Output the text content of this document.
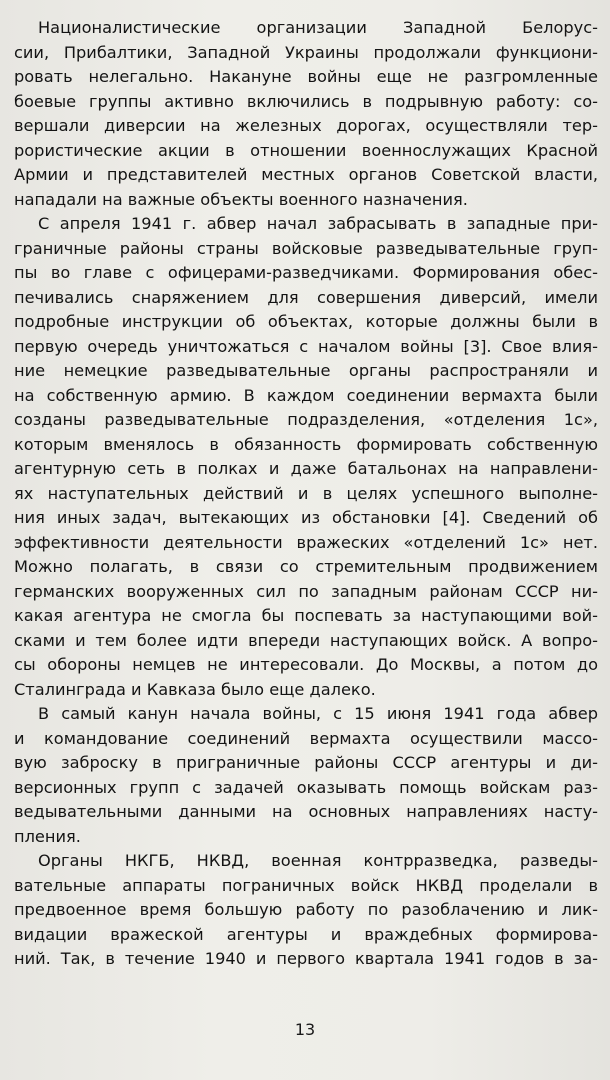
Националистические организации Западной Белорус-
сии, Прибалтики, Западной Украины продолжали функциони-
ровать нелегально. Накануне войны еще не разгромленные
боевые группы активно включились в подрывную работу: со-
вершали диверсии на железных дорогах, осуществляли тер-
рористические акции в отношении военнослужащих Красной
Армии и представителей местных органов Советской власти,
нападали на важные объекты военного назначения.
С апреля 1941 г. абвер начал забрасывать в западные при-
граничные районы страны войсковые разведывательные груп-
пы во главе с офицерами-разведчиками. Формирования обес-
печивались снаряжением для совершения диверсий, имели
подробные инструкции об объектах, которые должны были в
первую очередь уничтожаться с началом войны [3]. Свое влия-
ние немецкие разведывательные органы распространяли и
на собственную армию. В каждом соединении вермахта были
созданы разведывательные подразделения, «отделения 1с»,
которым вменялось в обязанность формировать собственную
агентурную сеть в полках и даже батальонах на направлени-
ях наступательных действий и в целях успешного выполне-
ния иных задач, вытекающих из обстановки [4]. Сведений об
эффективности деятельности вражеских «отделений 1с» нет.
Можно полагать, в связи со стремительным продвижением
германских вооруженных сил по западным районам СССР ни-
какая агентура не смогла бы поспевать за наступающими вой-
сками и тем более идти впереди наступающих войск. А вопро-
сы обороны немцев не интересовали. До Москвы, а потом до
Сталинграда и Кавказа было еще далеко.
В самый канун начала войны, с 15 июня 1941 года абвер
и командование соединений вермахта осуществили массо-
вую заброску в приграничные районы СССР агентуры и ди-
версионных групп с задачей оказывать помощь войскам раз-
ведывательными данными на основных направлениях насту-
пления.
Органы НКГБ, НКВД, военная контрразведка, разведы-
вательные аппараты пограничных войск НКВД проделали в
предвоенное время большую работу по разоблачению и лик-
видации вражеской агентуры и враждебных формирова-
ний. Так, в течение 1940 и первого квартала 1941 годов в за-
13
